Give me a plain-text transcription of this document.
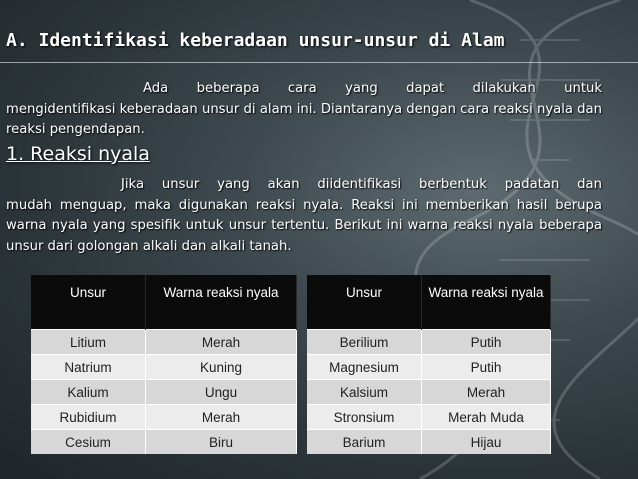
A. Identifikasi keberadaan unsur-unsur di Alam
Ada beberapa cara yang dapat dilakukan untuk
mengidentifikasi keberadaan unsur di alam ini. Diantaranya dengan cara reaksi nyala dan reaksi pengendapan.
1. Reaksi nyala
Jika unsur yang akan diidentifikasi berbentuk padatan dan
mudah menguap, maka digunakan reaksi nyala. Reaksi ini memberikan hasil berupa warna nyala yang spesifik untuk unsur tertentu. Berikut ini warna reaksi nyala beberapa unsur dari golongan alkali dan alkali tanah.
Unsur	Warna reaksi nyala
Litium	Merah
Natrium	Kuning
Kalium	Ungu
Rubidium	Merah
Cesium	Biru
Unsur	Warna reaksi nyala
Berilium	Putih
Magnesium	Putih
Kalsium	Merah
Stronsium	Merah Muda
Barium	Hijau
